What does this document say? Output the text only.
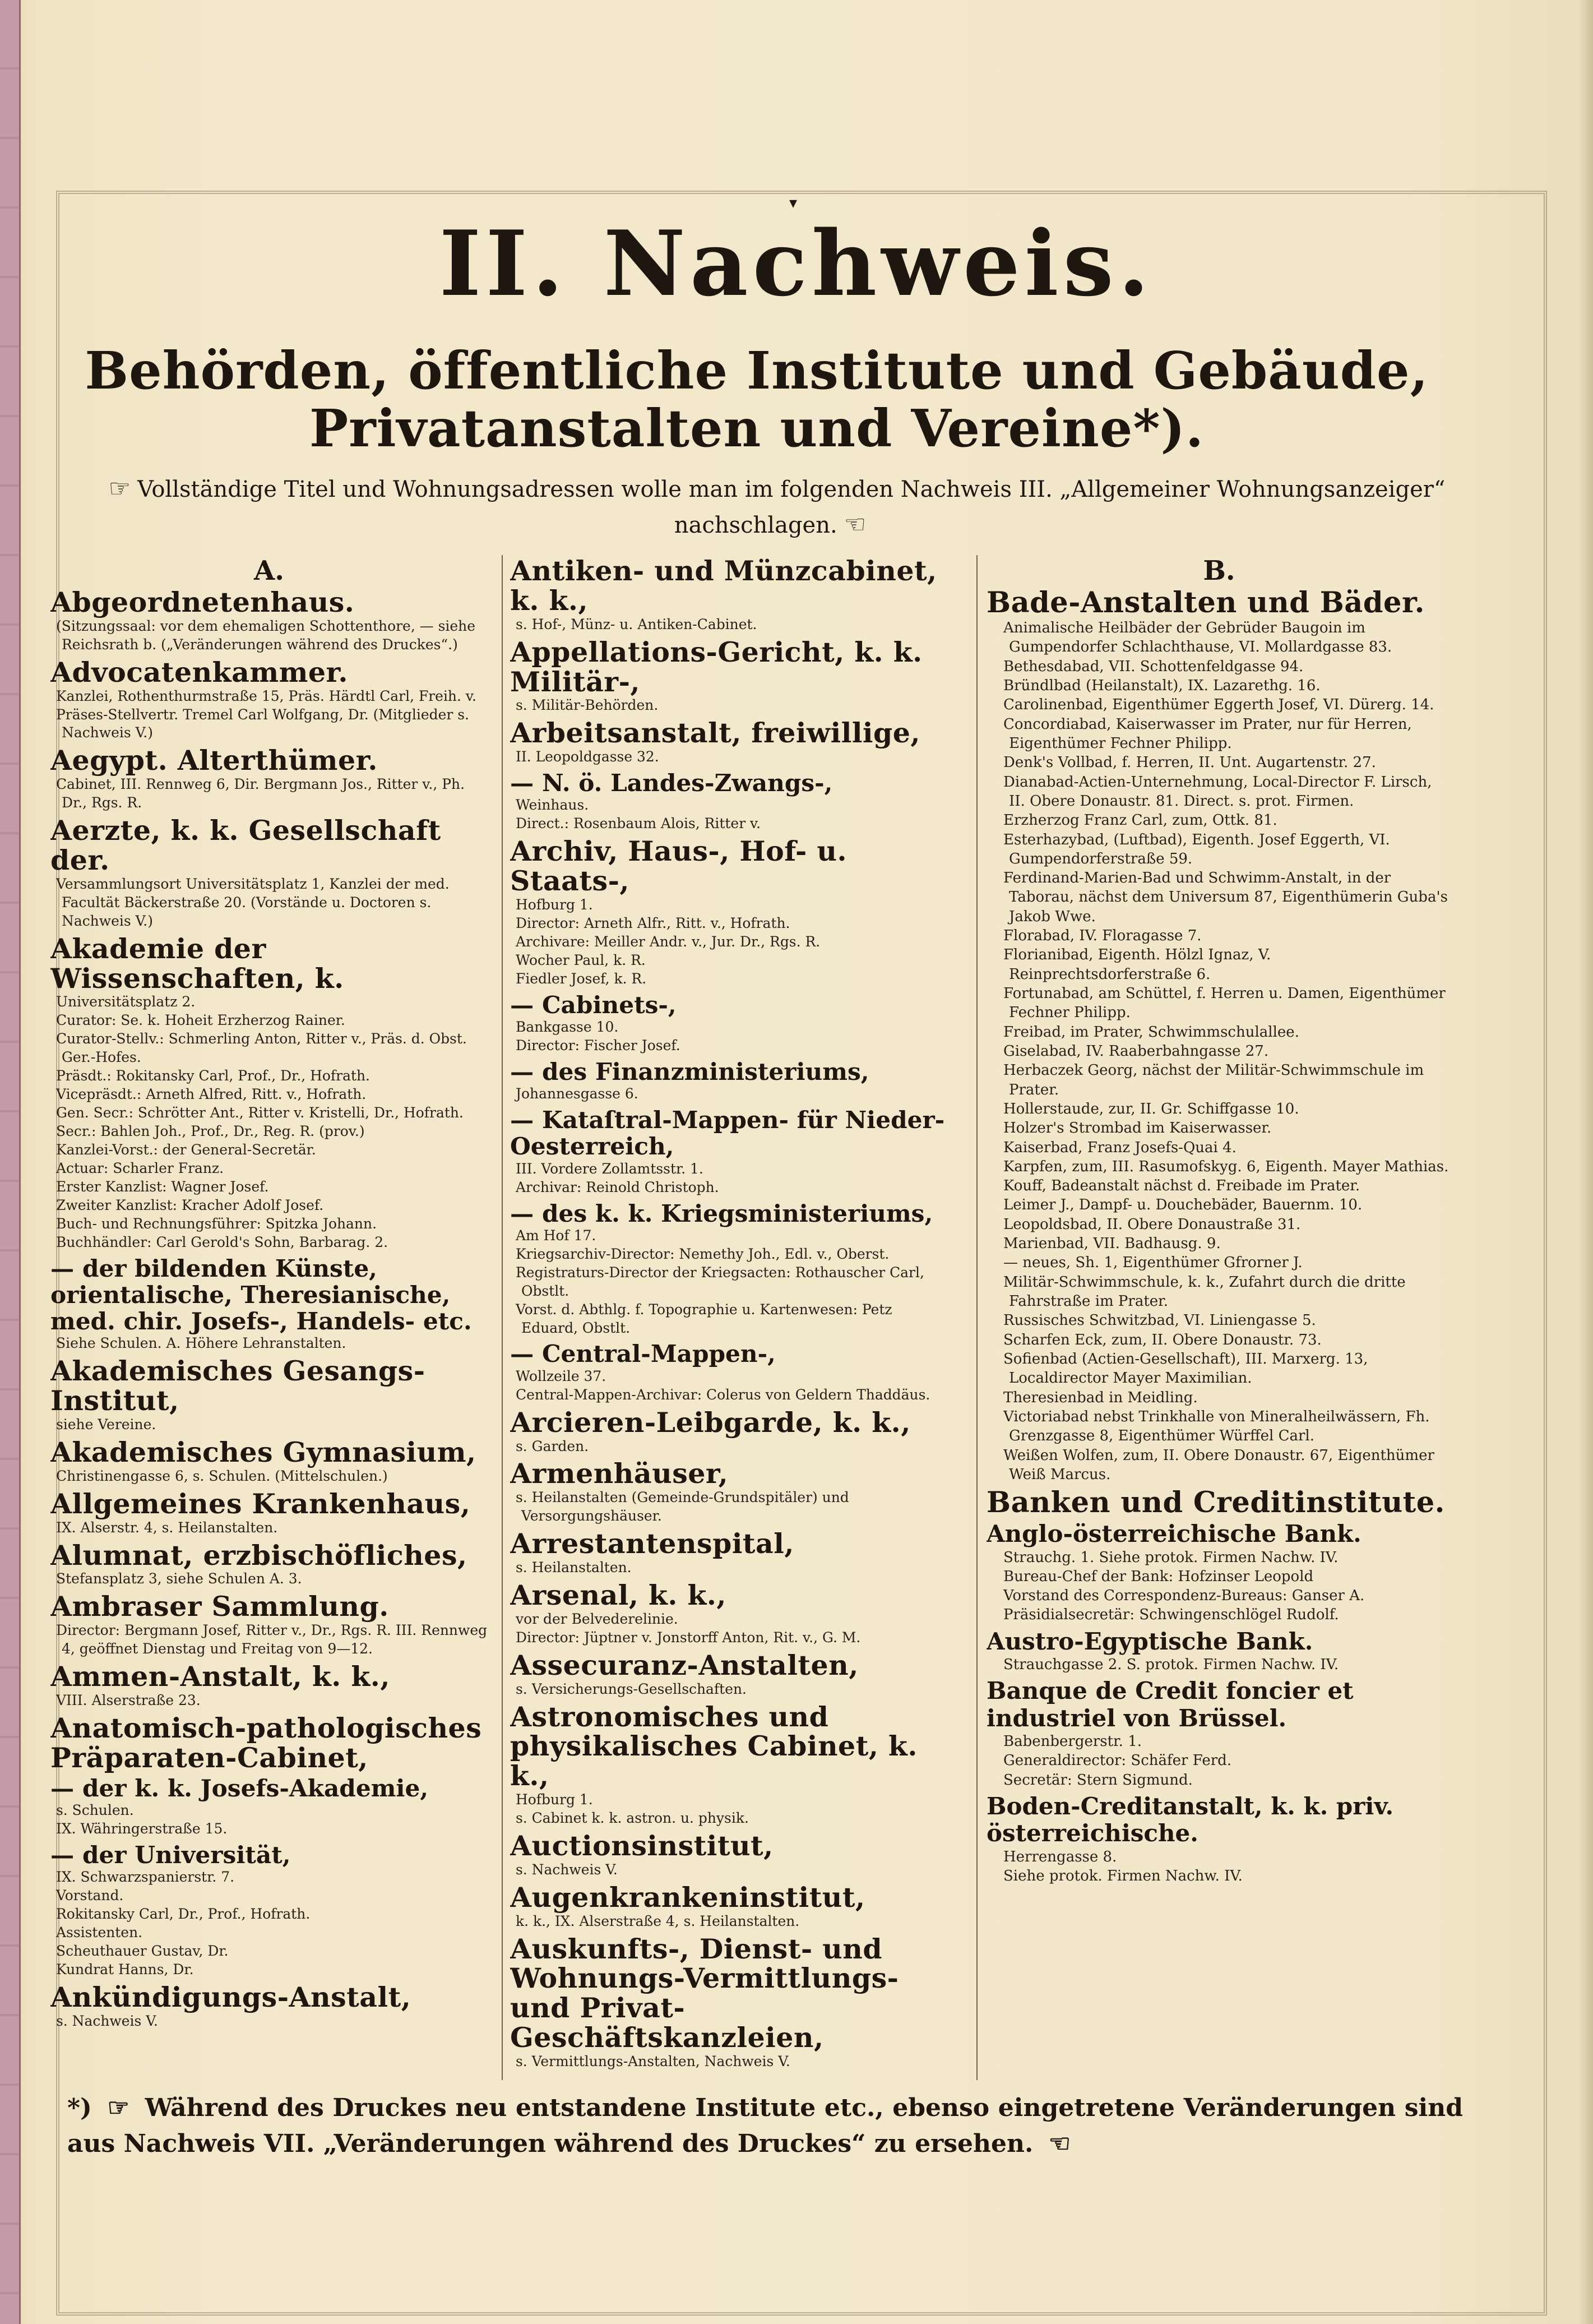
▾
II. Nachweis.
Behörden, öffentliche Institute und Gebäude, Privatanstalten und Vereine*).
☞ Vollständige Titel und Wohnungsadressen wolle man im folgenden Nachweis III. „Allgemeiner Wohnungsanzeiger“ nachschlagen. ☜
A.
Abgeordnetenhaus.
(Sitzungssaal: vor dem ehemaligen Schottenthore, — siehe Reichsrath b. („Veränderungen während des Druckes“.)
Advocatenkammer.
Kanzlei, Rothenthurmstraße 15, Präs. Härdtl Carl, Freih. v.
Präses-Stellvertr. Tremel Carl Wolfgang, Dr. (Mitglieder s. Nachweis V.)
Aegypt. Alterthümer.
Cabinet, III. Rennweg 6, Dir. Bergmann Jos., Ritter v., Ph. Dr., Rgs. R.
Aerzte, k. k. Gesellschaft der.
Versammlungsort Universitätsplatz 1, Kanzlei der med. Facultät Bäckerstraße 20. (Vorstände u. Doctoren s. Nachweis V.)
Akademie der Wissenschaften, k.
Universitätsplatz 2.
Curator: Se. k. Hoheit Erzherzog Rainer.
Curator-Stellv.: Schmerling Anton, Ritter v., Präs. d. Obst. Ger.-Hofes.
Präsdt.: Rokitansky Carl, Prof., Dr., Hofrath.
Vicepräsdt.: Arneth Alfred, Ritt. v., Hofrath.
Gen. Secr.: Schrötter Ant., Ritter v. Kristelli, Dr., Hofrath.
Secr.: Bahlen Joh., Prof., Dr., Reg. R. (prov.)
Kanzlei-Vorst.: der General-Secretär.
Actuar: Scharler Franz.
Erster Kanzlist: Wagner Josef.
Zweiter Kanzlist: Kracher Adolf Josef.
Buch- und Rechnungsführer: Spitzka Johann.
Buchhändler: Carl Gerold's Sohn, Barbarag. 2.
— der bildenden Künste, orientalische, Theresianische, med. chir. Josefs-, Handels- etc.
Siehe Schulen. A. Höhere Lehranstalten.
Akademisches Gesangs-Institut,
siehe Vereine.
Akademisches Gymnasium,
Christinengasse 6, s. Schulen. (Mittelschulen.)
Allgemeines Krankenhaus,
IX. Alserstr. 4, s. Heilanstalten.
Alumnat, erzbischöfliches,
Stefansplatz 3, siehe Schulen A. 3.
Ambraser Sammlung.
Director: Bergmann Josef, Ritter v., Dr., Rgs. R. III. Rennweg 4, geöffnet Dienstag und Freitag von 9—12.
Ammen-Anstalt, k. k.,
VIII. Alserstraße 23.
Anatomisch-pathologisches Präparaten-Cabinet,
— der k. k. Josefs-Akademie,
s. Schulen.
IX. Währingerstraße 15.
— der Universität,
IX. Schwarzspanierstr. 7.
Vorstand.
Rokitansky Carl, Dr., Prof., Hofrath.
Assistenten.
Scheuthauer Gustav, Dr.
Kundrat Hanns, Dr.
Ankündigungs-Anstalt,
s. Nachweis V.
Antiken- und Münzcabinet, k. k.,
s. Hof-, Münz- u. Antiken-Cabinet.
Appellations-Gericht, k. k. Militär-,
s. Militär-Behörden.
Arbeitsanstalt, freiwillige,
II. Leopoldgasse 32.
— N. ö. Landes-Zwangs-,
Weinhaus.
Direct.: Rosenbaum Alois, Ritter v.
Archiv, Haus-, Hof- u. Staats-,
Hofburg 1.
Director: Arneth Alfr., Ritt. v., Hofrath.
Archivare: Meiller Andr. v., Jur. Dr., Rgs. R.
Wocher Paul, k. R.
Fiedler Josef, k. R.
— Cabinets-,
Bankgasse 10.
Director: Fischer Josef.
— des Finanzministeriums,
Johannesgasse 6.
— Kataſtral-Mappen- für Nieder-Oesterreich,
III. Vordere Zollamtsstr. 1.
Archivar: Reinold Christoph.
— des k. k. Kriegsministeriums,
Am Hof 17.
Kriegsarchiv-Director: Nemethy Joh., Edl. v., Oberst.
Registraturs-Director der Kriegsacten: Rothauscher Carl, Obstlt.
Vorst. d. Abthlg. f. Topographie u. Kartenwesen: Petz Eduard, Obstlt.
— Central-Mappen-,
Wollzeile 37.
Central-Mappen-Archivar: Colerus von Geldern Thaddäus.
Arcieren-Leibgarde, k. k.,
s. Garden.
Armenhäuser,
s. Heilanstalten (Gemeinde-Grundspitäler) und Versorgungshäuser.
Arrestantenspital,
s. Heilanstalten.
Arsenal, k. k.,
vor der Belvederelinie.
Director: Jüptner v. Jonstorff Anton, Rit. v., G. M.
Assecuranz-Anstalten,
s. Versicherungs-Gesellschaften.
Astronomisches und physikalisches Cabinet, k. k.,
Hofburg 1.
s. Cabinet k. k. astron. u. physik.
Auctionsinstitut,
s. Nachweis V.
Augenkrankeninstitut,
k. k., IX. Alserstraße 4, s. Heilanstalten.
Auskunfts-, Dienst- und Wohnungs-Vermittlungs- und Privat-Geschäftskanzleien,
s. Vermittlungs-Anstalten, Nachweis V.
B.
Bade-Anstalten und Bäder.
Animalische Heilbäder der Gebrüder Baugoin im Gumpendorfer Schlachthause, VI. Mollardgasse 83.
Bethesdabad, VII. Schottenfeldgasse 94.
Bründlbad (Heilanstalt), IX. Lazarethg. 16.
Carolinenbad, Eigenthümer Eggerth Josef, VI. Dürerg. 14.
Concordiabad, Kaiserwasser im Prater, nur für Herren, Eigenthümer Fechner Philipp.
Denk's Vollbad, f. Herren, II. Unt. Augartenstr. 27.
Dianabad-Actien-Unternehmung, Local-Director F. Lirsch, II. Obere Donaustr. 81. Direct. s. prot. Firmen.
Erzherzog Franz Carl, zum, Ottk. 81.
Esterhazybad, (Luftbad), Eigenth. Josef Eggerth, VI. Gumpendorferstraße 59.
Ferdinand-Marien-Bad und Schwimm-Anstalt, in der Taborau, nächst dem Universum 87, Eigenthümerin Guba's Jakob Wwe.
Florabad, IV. Floragasse 7.
Florianibad, Eigenth. Hölzl Ignaz, V. Reinprechtsdorferstraße 6.
Fortunabad, am Schüttel, f. Herren u. Damen, Eigenthümer Fechner Philipp.
Freibad, im Prater, Schwimmschulallee.
Giselabad, IV. Raaberbahngasse 27.
Herbaczek Georg, nächst der Militär-Schwimmschule im Prater.
Hollerstaude, zur, II. Gr. Schiffgasse 10.
Holzer's Strombad im Kaiserwasser.
Kaiserbad, Franz Josefs-Quai 4.
Karpfen, zum, III. Rasumofskyg. 6, Eigenth. Mayer Mathias.
Kouff, Badeanstalt nächst d. Freibade im Prater.
Leimer J., Dampf- u. Douchebäder, Bauernm. 10.
Leopoldsbad, II. Obere Donaustraße 31.
Marienbad, VII. Badhausg. 9.
— neues, Sh. 1, Eigenthümer Gfrorner J.
Militär-Schwimmschule, k. k., Zufahrt durch die dritte Fahrstraße im Prater.
Russisches Schwitzbad, VI. Liniengasse 5.
Scharfen Eck, zum, II. Obere Donaustr. 73.
Sofienbad (Actien-Gesellschaft), III. Marxerg. 13, Localdirector Mayer Maximilian.
Theresienbad in Meidling.
Victoriabad nebst Trinkhalle von Mineralheilwässern, Fh. Grenzgasse 8, Eigenthümer Würffel Carl.
Weißen Wolfen, zum, II. Obere Donaustr. 67, Eigenthümer Weiß Marcus.
Banken und Creditinstitute.
Anglo-österreichische Bank.
Strauchg. 1. Siehe protok. Firmen Nachw. IV.
Bureau-Chef der Bank: Hofzinser Leopold
Vorstand des Correspondenz-Bureaus: Ganser A.
Präsidialsecretär: Schwingenschlögel Rudolf.
Austro-Egyptische Bank.
Strauchgasse 2. S. protok. Firmen Nachw. IV.
Banque de Credit foncier et industriel von Brüssel.
Babenbergerstr. 1.
Generaldirector: Schäfer Ferd.
Secretär: Stern Sigmund.
Boden-Creditanstalt, k. k. priv. österreichische.
Herrengasse 8.
Siehe protok. Firmen Nachw. IV.
*) ☞ Während des Druckes neu entstandene Institute etc., ebenso eingetretene Veränderungen sind aus Nachweis VII. „Veränderungen während des Druckes“ zu ersehen. ☜
